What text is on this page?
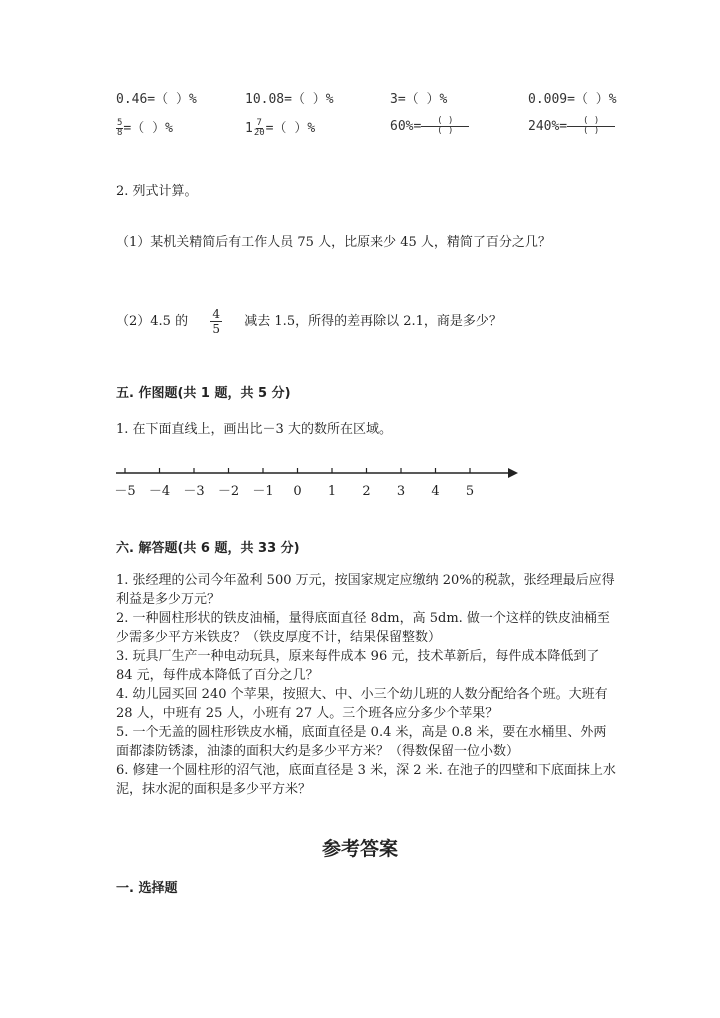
0.46=（ ）%	10.08=（ ）%	3=（ ）%	0.009=（ ）%
$\frac{5}{8}$ =（ ）%	$1 \frac{7}{20}$ =（ ）%	$60\%= \frac{( )}{( )}$	$240\%= \frac{( )}{( )}$
2. 列式计算。
（1）某机关精简后有工作人员 75 人，比原来少 45 人，精简了百分之几？
（2）4.5 的 $\frac{4}{5}$ 减去 1.5，所得的差再除以 2.1，商是多少？
五. 作图题(共 1 题，共 5 分)
1. 在下面直线上，画出比－3 大的数所在区域。
－5 －4 －3 －2 －1 0 1 2 3 4 5
六. 解答题(共 6 题，共 33 分)

1. 张经理的公司今年盈利 500 万元，按国家规定应缴纳 20%的税款，张经理最后应得利益是多少万元？

2. 一种圆柱形状的铁皮油桶，量得底面直径 8dm，高 5dm. 做一个这样的铁皮油桶至少需多少平方米铁皮？（铁皮厚度不计，结果保留整数）

3. 玩具厂生产一种电动玩具，原来每件成本 96 元，技术革新后，每件成本降低到了 84 元，每件成本降低了百分之几？

4. 幼儿园买回 240 个苹果，按照大、中、小三个幼儿班的人数分配给各个班。大班有 28 人，中班有 25 人，小班有 27 人。三个班各应分多少个苹果？

5. 一个无盖的圆柱形铁皮水桶，底面直径是 0.4 米，高是 0.8 米，要在水桶里、外两面都漆防锈漆，油漆的面积大约是多少平方米？（得数保留一位小数）

6. 修建一个圆柱形的沼气池，底面直径是 3 米，深 2 米. 在池子的四壁和下底面抹上水泥，抹水泥的面积是多少平方米？

参考答案
一. 选择题
